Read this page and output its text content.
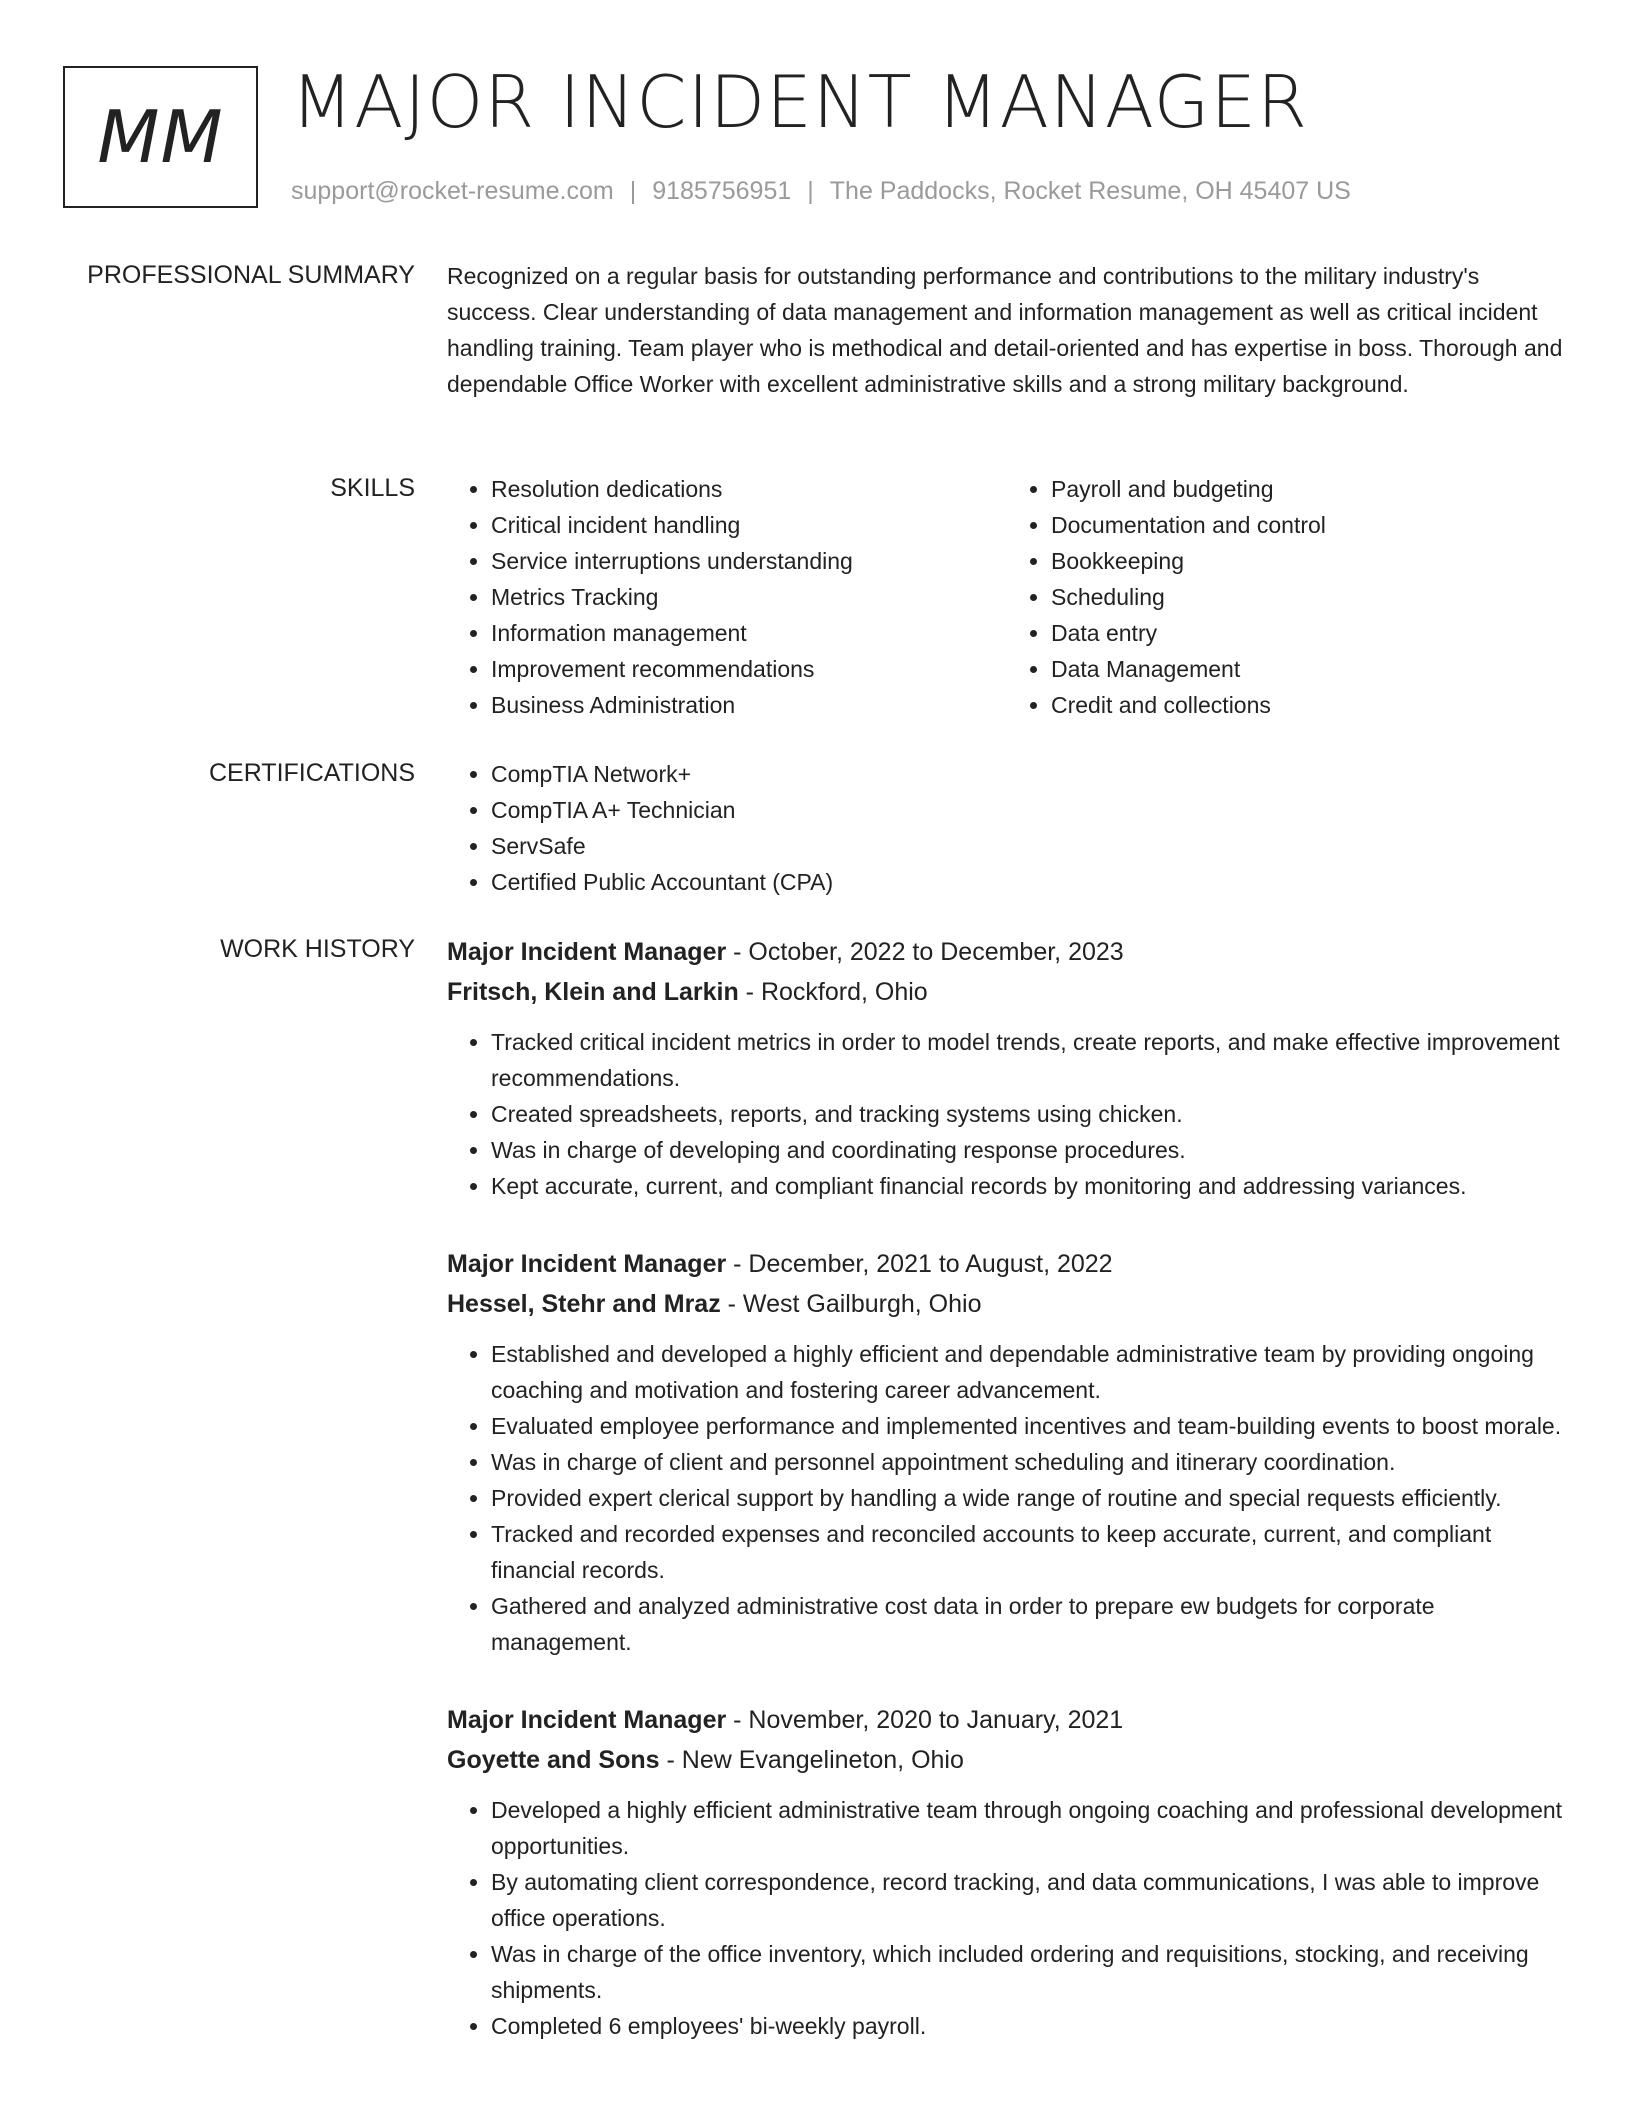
MM MAJOR INCIDENT MANAGER
support@rocket-resume.com | 9185756951 | The Paddocks, Rocket Resume, OH 45407 US
PROFESSIONAL SUMMARY Recognized on a regular basis for outstanding performance and contributions to the military industry's success. Clear understanding of data management and information management as well as critical incident handling training. Team player who is methodical and detail-oriented and has expertise in boss. Thorough and dependable Office Worker with excellent administrative skills and a strong military background.

SKILLS	• Resolution dedications
• Critical incident handling
• Service interruptions understanding
• Metrics Tracking
• Information management
• Improvement recommendations
• Business Administration
• Payroll and budgeting
• Documentation and control
• Bookkeeping
• Scheduling
• Data entry
• Data Management
• Credit and collections
CERTIFICATIONS	• CompTIA Network+
• CompTIA A+ Technician
• ServSafe
• Certified Public Accountant (CPA)
WORK HISTORY Major Incident Manager - October, 2022 to December, 2023
Fritsch, Klein and Larkin - Rockford, Ohio
• Tracked critical incident metrics in order to model trends, create reports, and make effective improvement recommendations.
• Created spreadsheets, reports, and tracking systems using chicken.
• Was in charge of developing and coordinating response procedures.
• Kept accurate, current, and compliant financial records by monitoring and addressing variances.
Major Incident Manager - December, 2021 to August, 2022
Hessel, Stehr and Mraz - West Gailburgh, Ohio
• Established and developed a highly efficient and dependable administrative team by providing ongoing coaching and motivation and fostering career advancement.
• Evaluated employee performance and implemented incentives and team-building events to boost morale.
• Was in charge of client and personnel appointment scheduling and itinerary coordination.
• Provided expert clerical support by handling a wide range of routine and special requests efficiently.
• Tracked and recorded expenses and reconciled accounts to keep accurate, current, and compliant financial records.
• Gathered and analyzed administrative cost data in order to prepare ew budgets for corporate management.
Major Incident Manager - November, 2020 to January, 2021
Goyette and Sons - New Evangelineton, Ohio
• Developed a highly efficient administrative team through ongoing coaching and professional development opportunities.
• By automating client correspondence, record tracking, and data communications, I was able to improve office operations.
• Was in charge of the office inventory, which included ordering and requisitions, stocking, and receiving shipments.
• Completed 6 employees' bi-weekly payroll.
